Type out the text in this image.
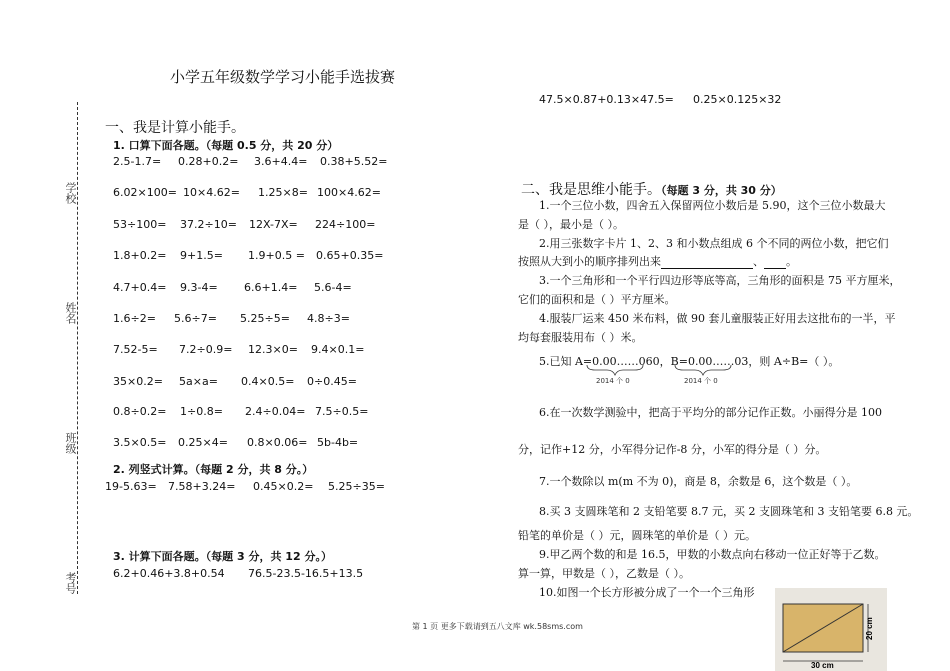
学校
姓名
班级
考号
小学五年级数学学习小能手选拔赛
47.5×0.87+0.13×47.5= 0.25×0.125×32
一、我是计算小能手。
1. 口算下面各题。（每题 0.5 分，共 20 分）
2.5-1.7= 0.28+0.2= 3.6+4.4= 0.38+5.52=
6.02×100= 10×4.62= 1.25×8= 100×4.62=
53÷100= 37.2÷10= 12X-7X= 224÷100=
1.8+0.2= 9+1.5= 1.9+0.5 = 0.65+0.35=
4.7+0.4= 9.3-4= 6.6+1.4= 5.6-4=
1.6÷2= 5.6÷7= 5.25÷5= 4.8÷3=
7.52-5= 7.2÷0.9= 12.3×0= 9.4×0.1=
35×0.2= 5a×a= 0.4×0.5= 0÷0.45=
0.8÷0.2= 1÷0.8= 2.4÷0.04= 7.5÷0.5=
3.5×0.5= 0.25×4= 0.8×0.06= 5b-4b=
2. 列竖式计算。（每题 2 分，共 8 分。）
19-5.63= 7.58+3.24= 0.45×0.2= 5.25÷35=
3. 计算下面各题。（每题 3 分，共 12 分。）
6.2+0.46+3.8+0.54 76.5-23.5-16.5+13.5
二、我是思维小能手。（每题 3 分，共 30 分）
1.一个三位小数，四舍五入保留两位小数后是 5.90，这个三位小数最大
是（ ），最小是（ ）。
2.用三张数字卡片 1、2、3 和小数点组成 6 个不同的两位小数，把它们
按照从大到小的顺序排列出来	、 。
3.一个三角形和一个平行四边形等底等高，三角形的面积是 75 平方厘米，
它们的面积和是（ ）平方厘米。
4.服装厂运来 450 米布料，做 90 套儿童服装正好用去这批布的一半，平
均每套服装用布（ ）米。
5.已知 A=0.00……060，B=0.00……03，则 A÷B=（ ）。
2014 个 0	2014 个 0
6.在一次数学测验中，把高于平均分的部分记作正数。小丽得分是 100
分，记作+12 分，小军得分记作-8 分，小军的得分是（ ）分。
7.一个数除以 m(m 不为 0)，商是 8，余数是 6，这个数是（ ）。
8.买 3 支圆珠笔和 2 支铅笔要 8.7 元，买 2 支圆珠笔和 3 支铅笔要 6.8 元。
铅笔的单价是（ ）元，圆珠笔的单价是（ ）元。
9.甲乙两个数的和是 16.5，甲数的小数点向右移动一位正好等于乙数。
算一算，甲数是（ ），乙数是（ ）。
10.如图一个长方形被分成了一个一个三角形
20 cm
30 cm
第 1 页 更多下载请到五八文库 wk.58sms.com
